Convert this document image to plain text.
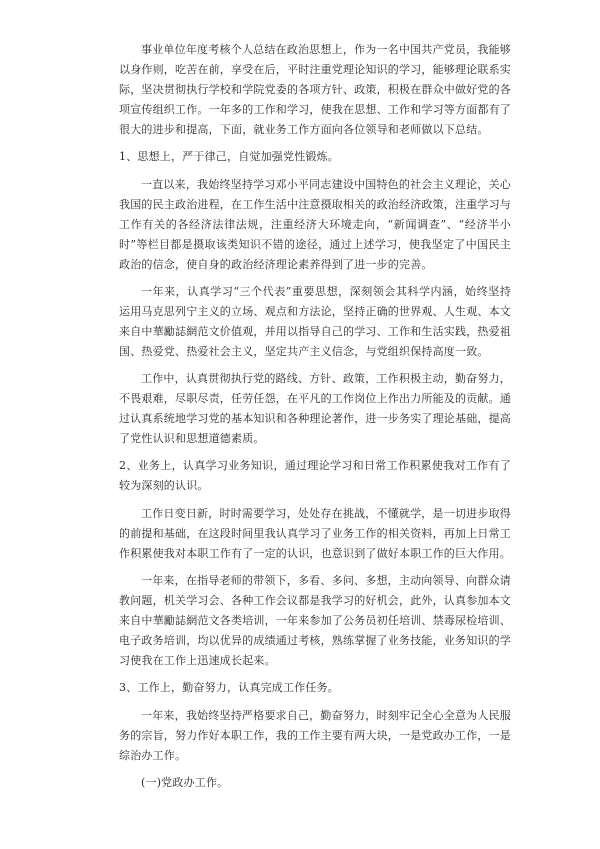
事业单位年度考核个人总结在政治思想上，作为一名中国共产党员，我能够以身作则，吃苦在前，享受在后，平时注重党理论知识的学习，能够理论联系实际，坚决贯彻执行学校和学院党委的各项方针、政策，积极在群众中做好党的各项宣传组织工作。一年多的工作和学习，使我在思想、工作和学习等方面都有了很大的进步和提高，下面，就业务工作方面向各位领导和老师做以下总结。

1、思想上，严于律己，自觉加强党性锻炼。

一直以来，我始终坚持学习邓小平同志建设中国特色的社会主义理论，关心我国的民主政治进程，在工作生活中注意摄取相关的政治经济政策，注重学习与工作有关的各经济法律法规，注重经济大环境走向，“新闻调查”、“经济半小时”等栏目都是摄取该类知识不错的途径，通过上述学习，使我坚定了中国民主政治的信念，使自身的政治经济理论素养得到了进一步的完善。

一年来，认真学习“三个代表”重要思想，深刻领会其科学内涵，始终坚持运用马克思列宁主义的立场、观点和方法论，坚持正确的世界观、人生观、本文来自中華勵誌網范文价值观，并用以指导自己的学习、工作和生活实践，热爱祖国、热爱党、热爱社会主义，坚定共产主义信念，与党组织保持高度一致。

工作中，认真贯彻执行党的路线、方针、政策，工作积极主动，勤奋努力，不畏艰难，尽职尽责，任劳任怨，在平凡的工作岗位上作出力所能及的贡献。通过认真系统地学习党的基本知识和各种理论著作，进一步务实了理论基础，提高了党性认识和思想道德素质。

2、业务上，认真学习业务知识，通过理论学习和日常工作积累使我对工作有了较为深刻的认识。

工作日变日新，时时需要学习，处处存在挑战，不懂就学，是一切进步取得的前提和基础，在这段时间里我认真学习了业务工作的相关资料，再加上日常工作积累使我对本职工作有了一定的认识，也意识到了做好本职工作的巨大作用。

一年来，在指导老师的带领下，多看、多问、多想，主动向领导、向群众请教问题，机关学习会、各种工作会议都是我学习的好机会，此外，认真参加本文来自中華勵誌網范文各类培训，一年来参加了公务员初任培训、禁毒尿检培训、电子政务培训，均以优异的成绩通过考核，熟练掌握了业务技能，业务知识的学习使我在工作上迅速成长起来。

3、工作上，勤奋努力，认真完成工作任务。

一年来，我始终坚持严格要求自己，勤奋努力，时刻牢记全心全意为人民服务的宗旨，努力作好本职工作，我的工作主要有两大块，一是党政办工作，一是综治办工作。

(一)党政办工作。
